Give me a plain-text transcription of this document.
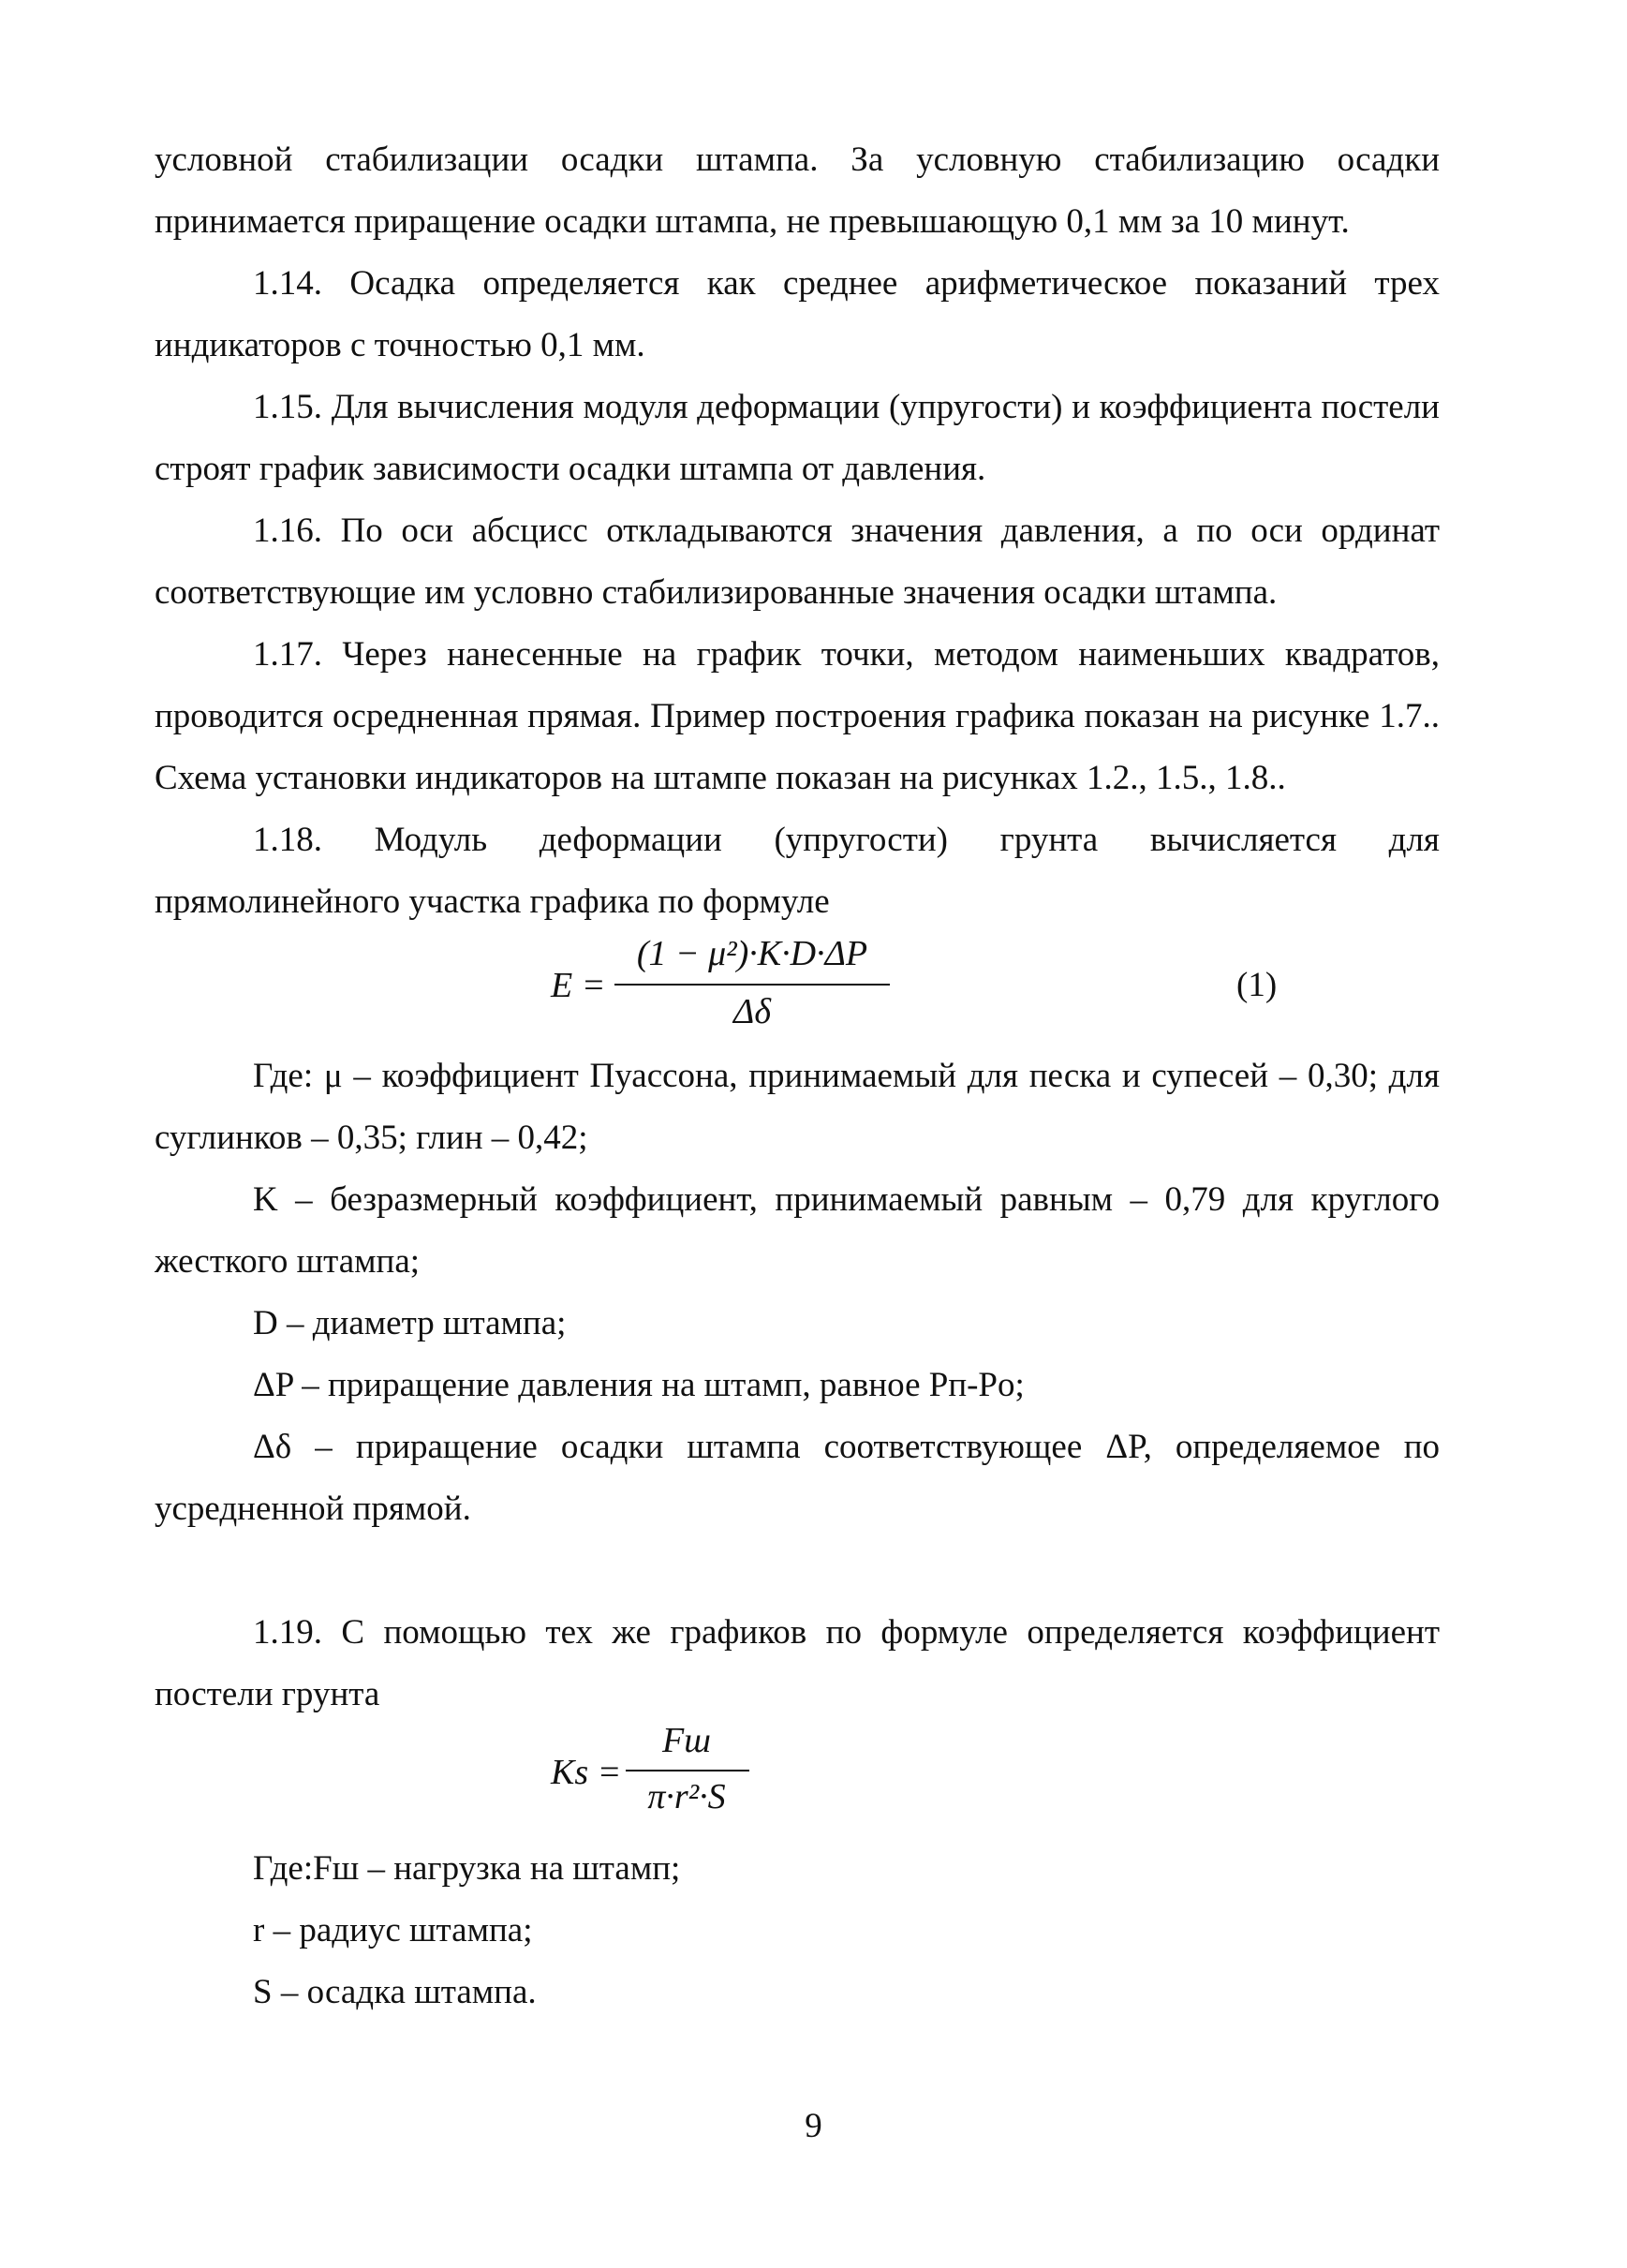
условной стабилизации осадки штампа. За условную стабилизацию осадки принимается приращение осадки штампа, не превышающую 0,1 мм за 10 минут.

1.14. Осадка определяется как среднее арифметическое показаний трех индикаторов с точностью 0,1 мм.

1.15. Для вычисления модуля деформации (упругости) и коэффициента постели строят график зависимости осадки штампа от давления.

1.16. По оси абсцисс откладываются значения давления, а по оси ординат соответствующие им условно стабилизированные значения осадки штампа.

1.17. Через нанесенные на график точки, методом наименьших квадратов, проводится осредненная прямая. Пример построения графика показан на рисунке 1.7.. Схема установки индикаторов на штампе показан на рисунках 1.2., 1.5., 1.8..

1.18. Модуль деформации (упругости) грунта вычисляется для
прямолинейного участка графика по формуле
E =
(1 − μ²)·K·D·ΔP
Δδ
(1)

Где: μ – коэффициент Пуассона, принимаемый для песка и супесей – 0,30; для суглинков – 0,35; глин – 0,42;

K – безразмерный коэффициент, принимаемый равным – 0,79 для круглого жесткого штампа;

D – диаметр штампа;

ΔP – приращение давления на штамп, равное Pп-Pо;

Δδ – приращение осадки штампа соответствующее ΔP, определяемое по усредненной прямой.

1.19. С помощью тех же графиков по формуле определяется коэффициент постели грунта

Ks =
Fш
π·r²·S

Где:Fш – нагрузка на штамп;

r – радиус штампа;

S – осадка штампа.

9
